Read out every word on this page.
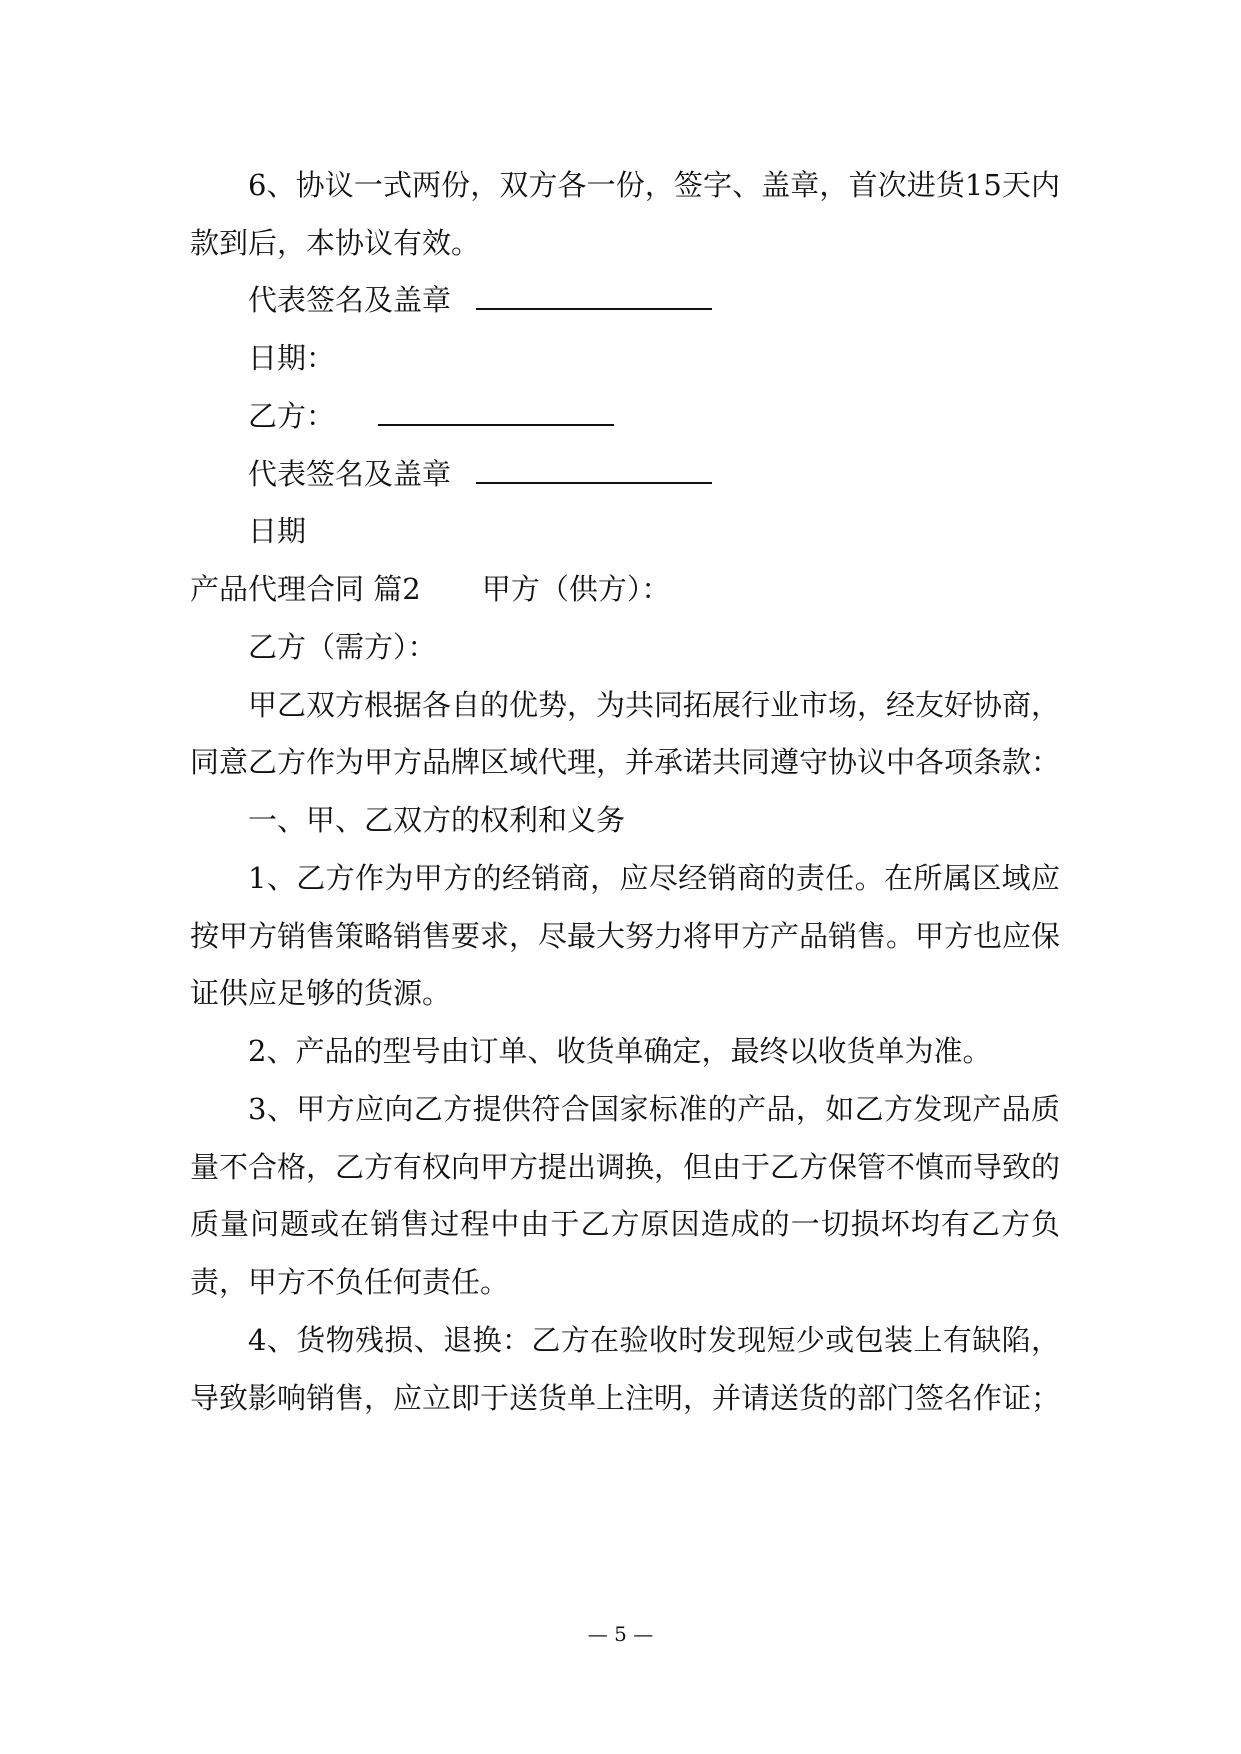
6、协议一式两份，双方各一份，签字、盖章，首次进货15天内
款到后，本协议有效。
代表签名及盖章
日期：
乙方：
代表签名及盖章
日期
产品代理合同 篇2 甲方（供方）：
乙方（需方）：
甲乙双方根据各自的优势，为共同拓展行业市场，经友好协商，
同意乙方作为甲方品牌区域代理，并承诺共同遵守协议中各项条款：
一、甲、乙双方的权利和义务
1、乙方作为甲方的经销商，应尽经销商的责任。在所属区域应
按甲方销售策略销售要求，尽最大努力将甲方产品销售。甲方也应保
证供应足够的货源。
2、产品的型号由订单、收货单确定，最终以收货单为准。
3、甲方应向乙方提供符合国家标准的产品，如乙方发现产品质
量不合格，乙方有权向甲方提出调换，但由于乙方保管不慎而导致的
质量问题或在销售过程中由于乙方原因造成的一切损坏均有乙方负
责，甲方不负任何责任。
4、货物残损、退换：乙方在验收时发现短少或包装上有缺陷，
导致影响销售，应立即于送货单上注明，并请送货的部门签名作证；
— 5 —
